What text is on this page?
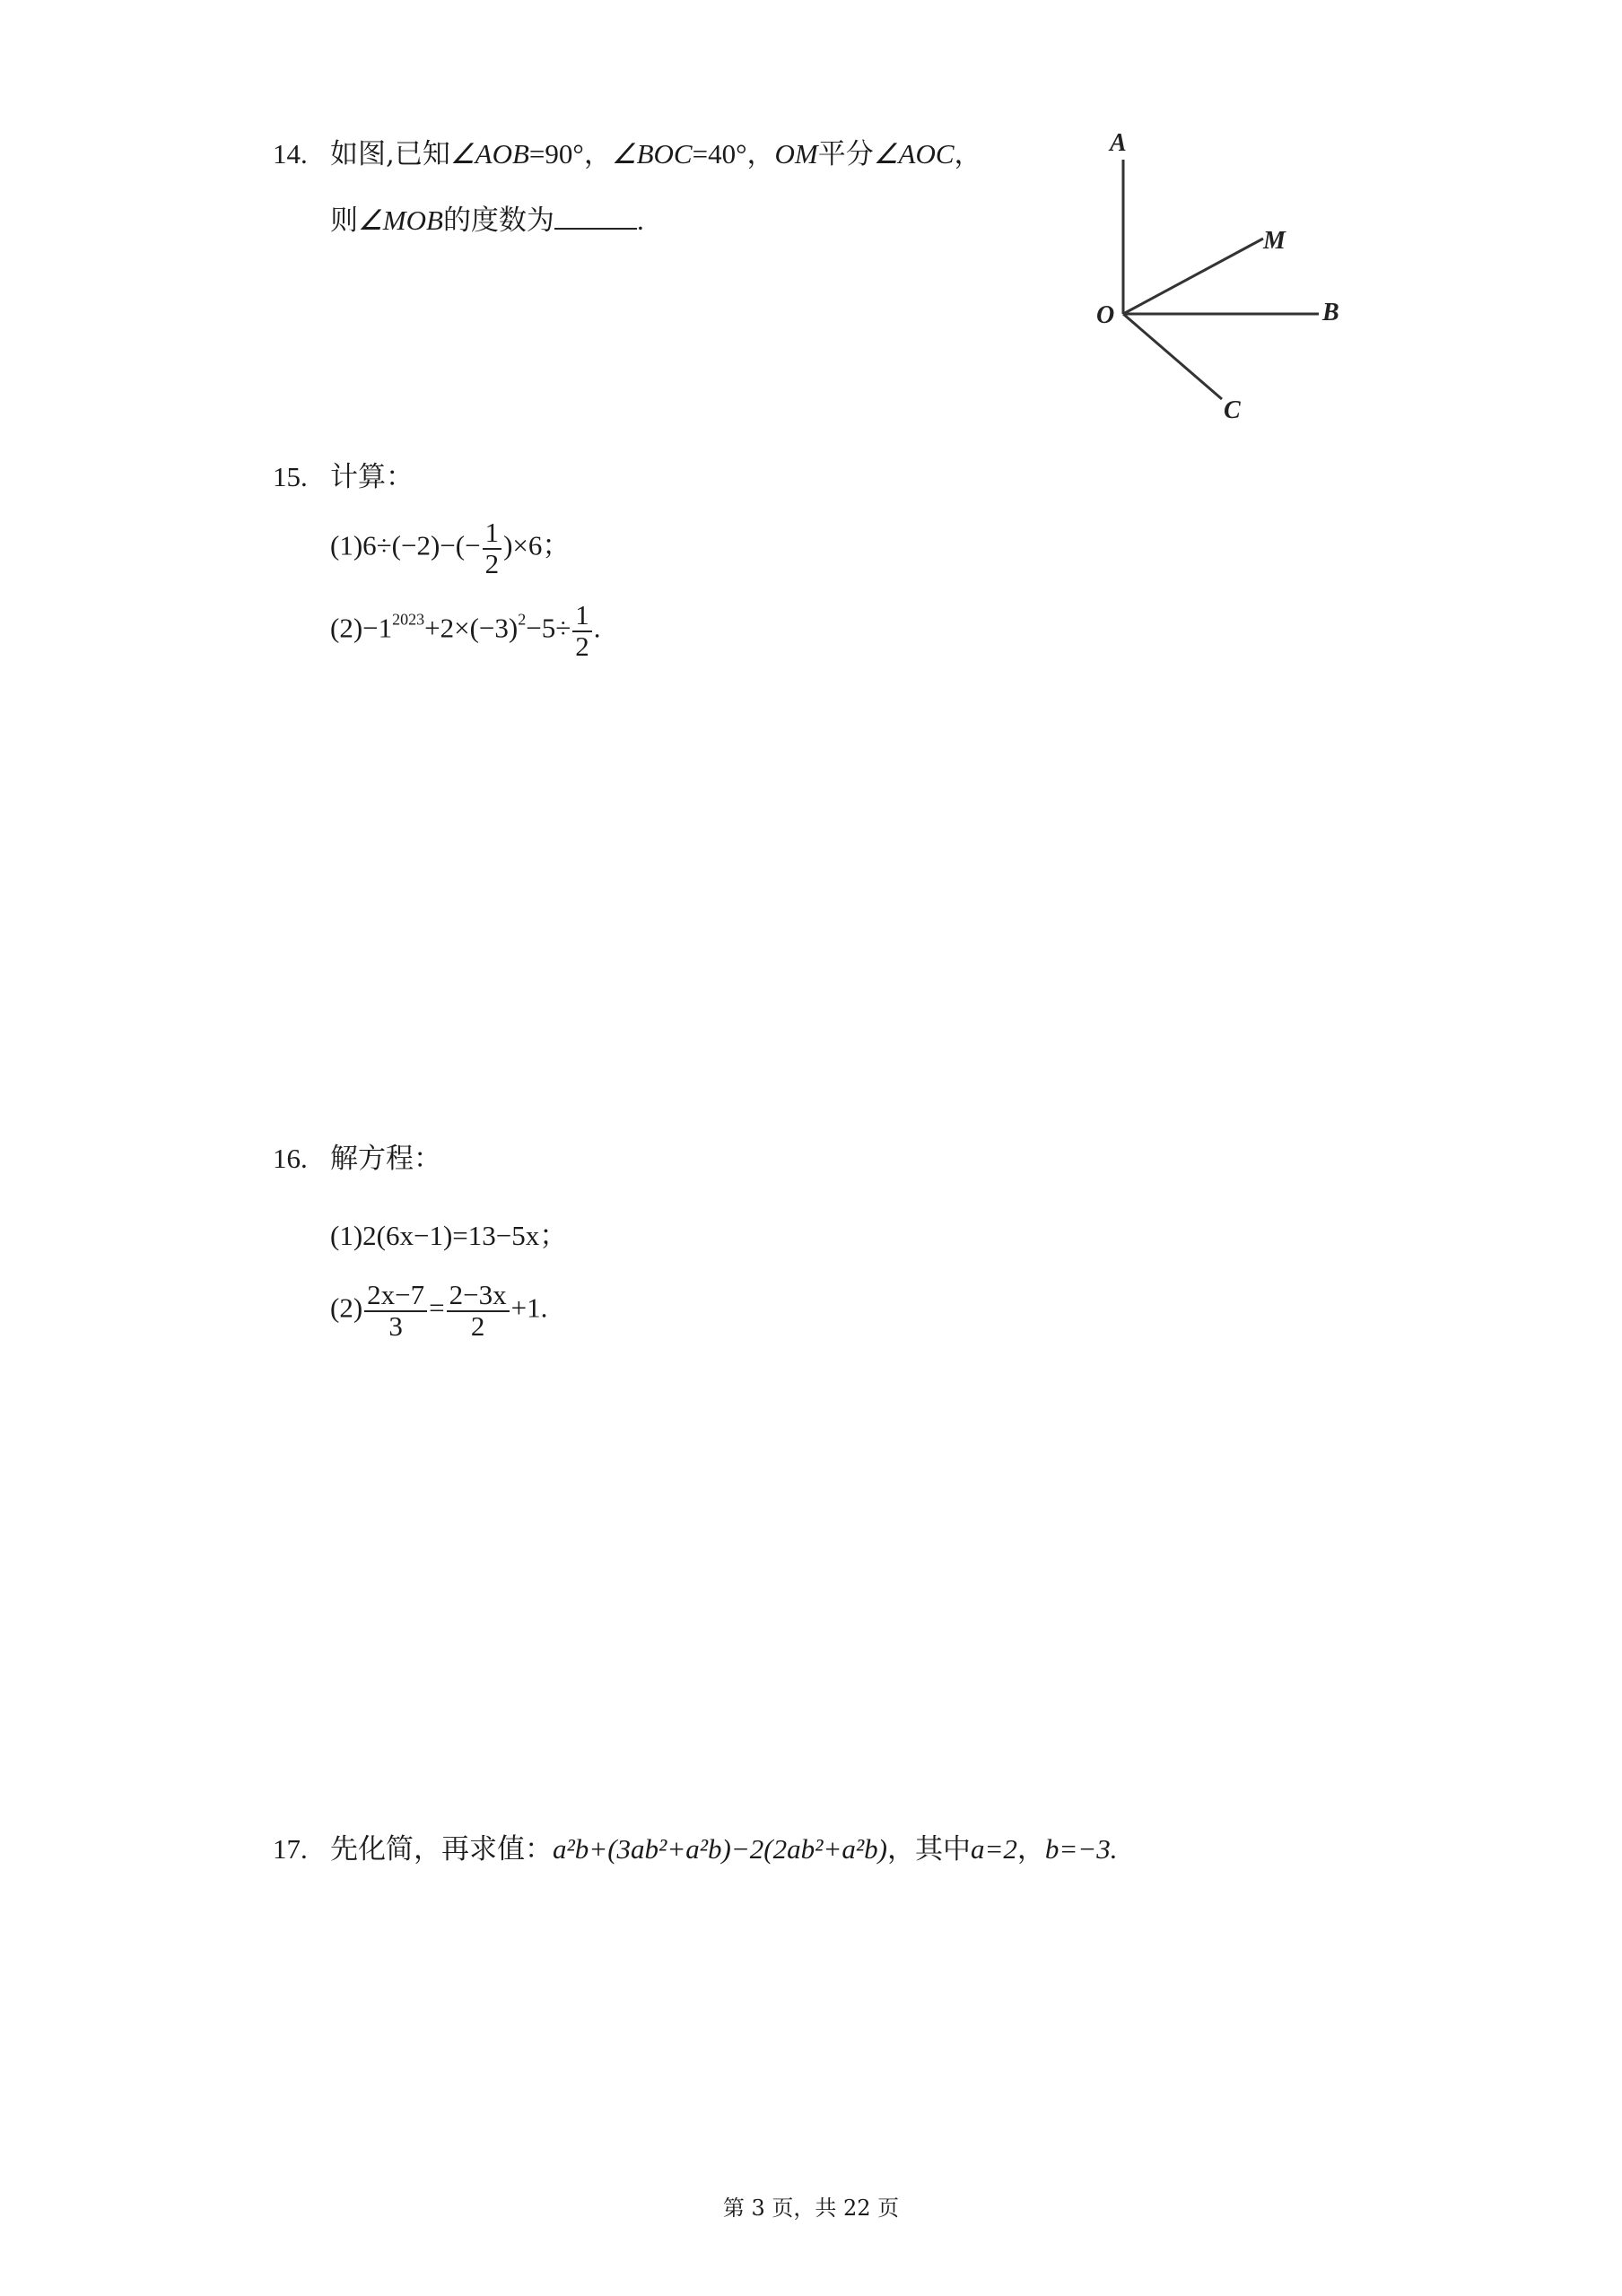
14. 如图,已知∠AOB=90°，∠BOC=40°，OM平分∠AOC，
则∠MOB的度数为	.
A
M
O	B
C
15. 计算：
$(1)6\div(-2)-(- \frac{1}{2} )\times 6$；
$(2)-1^{2023}+2\times(-3)^2-5\div \frac{1}{2}$ .
16. 解方程：
(1)2(6x−1)=13−5x；
$(2) \frac{2x-7}{3} = \frac{2-3x}{2} +1$.
17. 先化简，再求值：a²b+(3ab²+a²b)−2(2ab²+a²b)，其中a=2，b=−3.
第 3 页，共 22 页
